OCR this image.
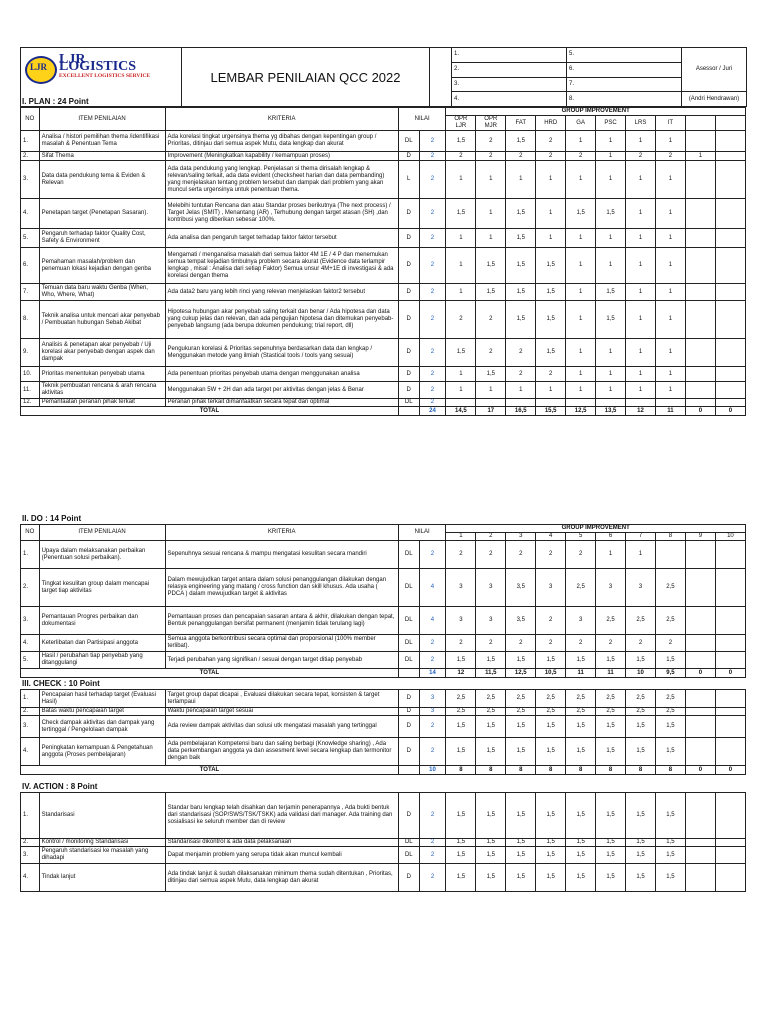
LJR LJR LOGISTICS
EXCELLENT LOGISTICS SERVICE	LEMBAR PENILAIAN QCC 2022		1.	5.	Asessor / Juri
			2.	6.	
			3.	7.	
			4.	8.	(Andri Hendrawan)
I. PLAN : 24 Point
NO	ITEM PENILAIAN	KRITERIA	NILAI		GROUP IMPROVEMENT									
					OPR LJR	OPR MJR	FAT	HRD	GA	PSC	LRS	IT		
1.	Analisa / histori pemilihan thema /identifikasi masalah & Penentuan Tema	Ada korelasi tingkat urgensinya thema yg dibahas dengan kepentingan group / Prioritas, ditinjau dari semua aspek Mutu, data lengkap dan akurat	DL	2	1,5	2	1,5	2	1	1	1	1		
2.	Sifat Thema	Improvement (Meningkatkan kapability / kemampuan proses)	D	2	2	2	2	2	2	1	2	2	1	
3.	Data data pendukung tema & Eviden & Relevan	Ada data pendukung yang lengkap. Penjelasan si thema dirisalah lengkap & relevan/saling terkait, ada data evident (checksheet harian dan data pembanding) yang menjelaskan tentang problem tersebut dan dampak dari problem yang akan muncul serta urgensinya untuk penentuan thema.	L	2	1	1	1	1	1	1	1	1		
4.	Penetapan target (Penetapan Sasaran).	Melebihi tuntutan Rencana dan atau Standar proses berikutnya (The next process) / Target Jelas (SMIT) , Menantang (AR) , Terhubung dengan target atasan (SH) ,dan kontribusi yang diberikan sebesar 100%.	D	2	1,5	1	1,5	1	1,5	1,5	1	1		
5.	Pengaruh terhadap faktor Quality Cost, Safety & Environment	Ada analisa dan pengaruh target terhadap faktor faktor tersebut	D	2	1	1	1,5	1	1	1	1	1		
6.	Pemahaman masalah/problem dan penemuan lokasi kejadian dengan genba	Mengamati / menganalisa masalah dari semua faktor 4M 1E / 4 P dan menemukan semua tempat kejadian timbulnya problem secara akurat (Evidence data terlampir lengkap , misal : Analisa dari setiap Faktor) Semua unsur 4M+1E di investigasi & ada korelasi dengan thema	D	2	1	1,5	1,5	1,5	1	1	1	1		
7.	Temuan data baru waktu Genba (When, Who, Where, What)	Ada data2 baru yang lebih rinci yang relevan menjelaskan faktor2 tersebut	D	2	1	1,5	1,5	1,5	1	1,5	1	1		
8.	Teknik analisa untuk mencari akar penyebab / Pembuatan hubungan Sebab Akibat	Hipotesa hubungan akar penyebab saling terkait dan benar / Ada hipotesa dan data yang cukup jelas dan relevan, dan ada pengujian hipotesa dan ditemukan penyebab-penyebab langsung (ada berupa dokumen pendukung; trial report, dll)	D	2	2	2	1,5	1,5	1	1,5	1	1		
9.	Analisis & penetapan akar penyebab / Uji korelasi akar penyebab dengan aspek dan dampak	Pengukuran korelasi & Prioritas sepenuhnya berdasarkan data dan lengkap / Menggunakan metode yang ilmiah (Stastical tools / tools yang sesuai)	D	2	1,5	2	2	1,5	1	1	1	1		
10.	Prioritas menentukan penyebab utama	Ada penentuan prioritas penyebab utama dengan menggunakan analisa	D	2	1	1,5	2	2	1	1	1	1		
11.	Teknik pembuatan rencana & arah rencana aktivitas	Menggunakan 5W + 2H dan ada target per aktivitas dengan jelas & Benar	D	2	1	1	1	1	1	1	1	1		
12.	Pemanfaatan peranan pihak terkait	Peranan pihak terkait dimanfaatkan secara tepat dan optimal	DL	2										
TOTAL				24	14,5	17	16,5	15,5	12,5	13,5	12	11	0	0
II. DO : 14 Point
NO	ITEM PENILAIAN	KRITERIA	NILAI		GROUP IMPROVEMENT									
					1	2	3	4	5	6	7	8	9	10
1.	Upaya dalam melaksanakan perbaikan (Penentuan solusi perbaikan).	Sepenuhnya sesuai rencana & mampu mengatasi kesulitan secara mandiri	DL	2	2	2	2	2	2	1	1			
2.	Tingkat kesulitan group dalam mencapai target tiap aktivitas	Dalam mewujudkan target antara dalam solusi penanggulangan dilakukan dengan relasya engineering yang matang / cross function dan skill khusus. Ada usaha ( PDCA ) dalam mewujudkan target & aktivitas	DL	4	3	3	3,5	3	2,5	3	3	2,5		
3.	Pemantauan Progres perbaikan dan dokumentasi	Pemantauan proses dan pencapaian sasaran antara & akhir, dilakukan dengan tepat, Bentuk penanggulangan bersifat permanent (menjamin tidak terulang lagi)	DL	4	3	3	3,5	2	3	2,5	2,5	2,5		
4.	Keterlibatan dan Partisipasi anggota	Semua anggota berkontribusi secara optimal dan proporsional (100% member terlibat).	DL	2	2	2	2	2	2	2	2	2		
5.	Hasil / perubahan tiap penyebab yang ditanggulangi	Terjadi perubahan yang signifikan / sesuai dengan target ditiap penyebab	DL	2	1,5	1,5	1,5	1,5	1,5	1,5	1,5	1,5		
TOTAL				14	12	11,5	12,5	10,5	11	11	10	9,5	0	0
III. CHECK : 10 Point
1.	Pencapaian hasil terhadap target (Evaluasi Hasil)	Target group dapat dicapai , Evaluasi dilakukan secara tepat, konsisten & target terlampaui	D	3	2,5	2,5	2,5	2,5	2,5	2,5	2,5	2,5		
2.	Batas waktu pencapaian target	Waktu pencapaian target sesuai	D	3	2,5	2,5	2,5	2,5	2,5	2,5	2,5	2,5		
3.	Check dampak aktivitas dan dampak yang tertinggal / Pengelolaan dampak	Ada review dampak aktivitas dan solusi utk mengatasi masalah yang tertinggal	D	2	1,5	1,5	1,5	1,5	1,5	1,5	1,5	1,5		
4.	Peningkatan kemampuan & Pengetahuan anggota (Proses pembelajaran)	Ada pembelajaran Kompetensi baru dan saling berbagi (Knowledge sharing) , Ada data perkembangan anggota ya dan assesment level secara lengkap dan termonitor dengan baik	D	2	1,5	1,5	1,5	1,5	1,5	1,5	1,5	1,5		
TOTAL				10	8	8	8	8	8	8	8	8	0	0
IV. ACTION : 8 Point
1.	Standarisasi	Standar baru lengkap telah disahkan dan terjamin penerapannya , Ada bukti bentuk dari standarisasi (SOP/SWS/TSK/TSKK) ada validasi dari manager. Ada training dan sosialisasi ke seluruh member dan di review	D	2	1,5	1,5	1,5	1,5	1,5	1,5	1,5	1,5		
2.	Kontrol / monitoring Standarisasi	Standarisasi dikontrol & ada data pelaksanaan	DL	2	1,5	1,5	1,5	1,5	1,5	1,5	1,5	1,5		
3.	Pengaruh standarisasi ke masalah yang dihadapi	Dapat menjamin problem yang serupa tidak akan muncul kembali	DL	2	1,5	1,5	1,5	1,5	1,5	1,5	1,5	1,5		
4.	Tindak lanjut	Ada tindak lanjut & sudah dilaksanakan minimum thema sudah ditentukan , Prioritas, ditinjau dari semua aspek Mutu, data lengkap dan akurat	D	2	1,5	1,5	1,5	1,5	1,5	1,5	1,5	1,5		
